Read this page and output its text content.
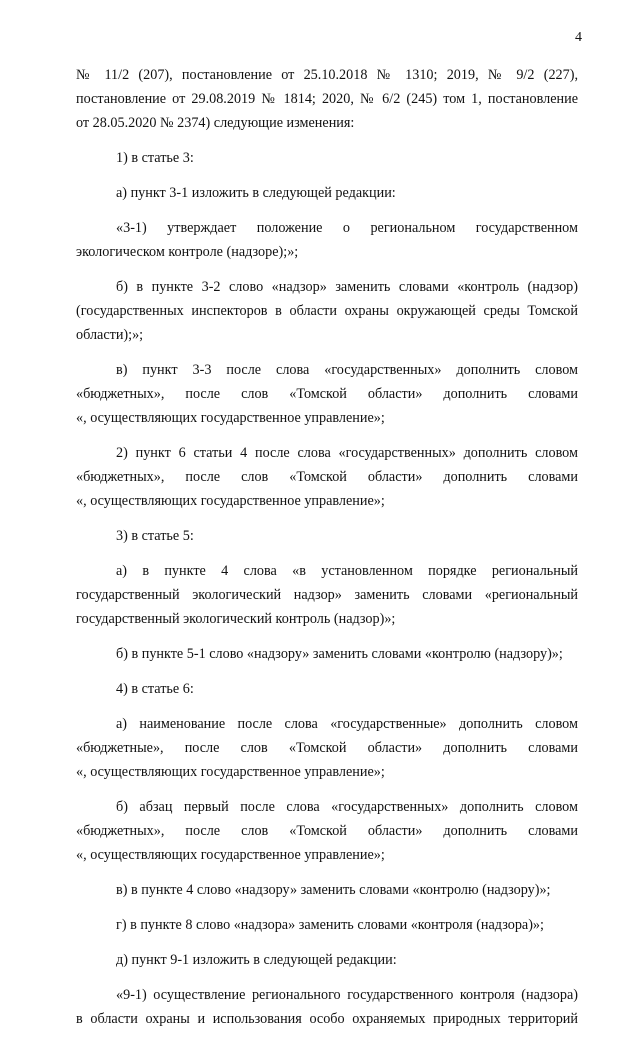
4
№ 11/2 (207), постановление от 25.10.2018 № 1310; 2019, № 9/2 (227),
постановление от 29.08.2019 № 1814; 2020, № 6/2 (245) том 1, постановление
от 28.05.2020 № 2374) следующие изменения:
1) в статье 3:
а) пункт 3-1 изложить в следующей редакции:
«3-1) утверждает положение о региональном государственном
экологическом контроле (надзоре);»;
б) в пункте 3-2 слово «надзор» заменить словами «контроль (надзор)
(государственных инспекторов в области охраны окружающей среды Томской
области);»;
в) пункт 3-3 после слова «государственных» дополнить словом
«бюджетных», после слов «Томской области» дополнить словами
«, осуществляющих государственное управление»;
2) пункт 6 статьи 4 после слова «государственных» дополнить словом
«бюджетных», после слов «Томской области» дополнить словами
«, осуществляющих государственное управление»;
3) в статье 5:
а) в пункте 4 слова «в установленном порядке региональный
государственный экологический надзор» заменить словами «региональный
государственный экологический контроль (надзор)»;
б) в пункте 5-1 слово «надзору» заменить словами «контролю (надзору)»;
4) в статье 6:
а) наименование после слова «государственные» дополнить словом
«бюджетные», после слов «Томской области» дополнить словами
«, осуществляющих государственное управление»;
б) абзац первый после слова «государственных» дополнить словом
«бюджетных», после слов «Томской области» дополнить словами
«, осуществляющих государственное управление»;
в) в пункте 4 слово «надзору» заменить словами «контролю (надзору)»;
г) в пункте 8 слово «надзора» заменить словами «контроля (надзора)»;
д) пункт 9-1 изложить в следующей редакции:
«9-1) осуществление регионального государственного контроля (надзора)
в области охраны и использования особо охраняемых природных территорий
